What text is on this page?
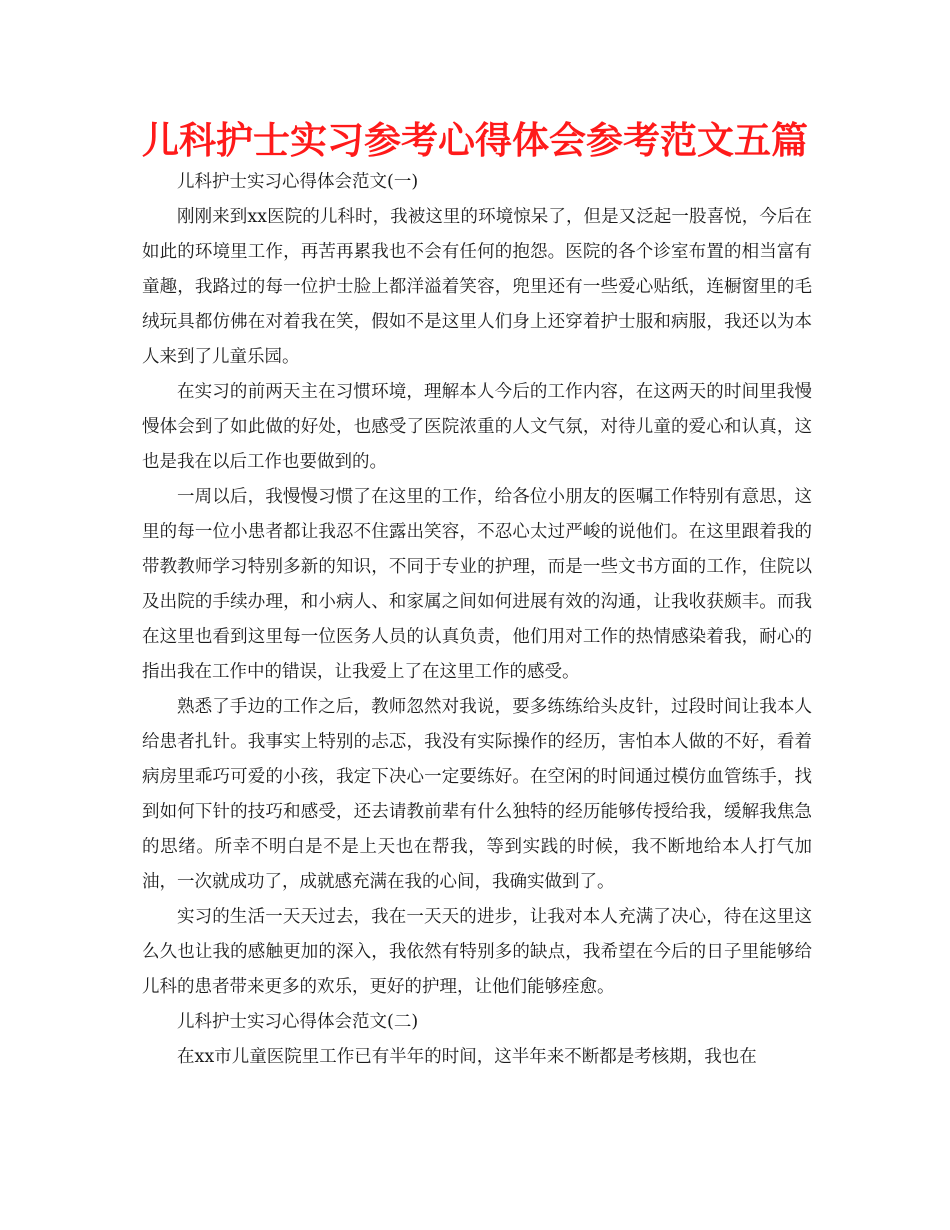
儿科护士实习参考心得体会参考范文五篇

儿科护士实习心得体会范文(一)

刚刚来到xx医院的儿科时，我被这里的环境惊呆了，但是又泛起一股喜悦，今后在如此的环境里工作，再苦再累我也不会有任何的抱怨。医院的各个诊室布置的相当富有童趣，我路过的每一位护士脸上都洋溢着笑容，兜里还有一些爱心贴纸，连橱窗里的毛绒玩具都仿佛在对着我在笑，假如不是这里人们身上还穿着护士服和病服，我还以为本人来到了儿童乐园。

在实习的前两天主在习惯环境，理解本人今后的工作内容，在这两天的时间里我慢慢体会到了如此做的好处，也感受了医院浓重的人文气氛，对待儿童的爱心和认真，这也是我在以后工作也要做到的。

一周以后，我慢慢习惯了在这里的工作，给各位小朋友的医嘱工作特别有意思，这里的每一位小患者都让我忍不住露出笑容，不忍心太过严峻的说他们。在这里跟着我的带教教师学习特别多新的知识，不同于专业的护理，而是一些文书方面的工作，住院以及出院的手续办理，和小病人、和家属之间如何进展有效的沟通，让我收获颇丰。而我在这里也看到这里每一位医务人员的认真负责，他们用对工作的热情感染着我，耐心的指出我在工作中的错误，让我爱上了在这里工作的感受。

熟悉了手边的工作之后，教师忽然对我说，要多练练给头皮针，过段时间让我本人给患者扎针。我事实上特别的忐忑，我没有实际操作的经历，害怕本人做的不好，看着病房里乖巧可爱的小孩，我定下决心一定要练好。在空闲的时间通过模仿血管练手，找到如何下针的技巧和感受，还去请教前辈有什么独特的经历能够传授给我，缓解我焦急的思绪。所幸不明白是不是上天也在帮我，等到实践的时候，我不断地给本人打气加油，一次就成功了，成就感充满在我的心间，我确实做到了。

实习的生活一天天过去，我在一天天的进步，让我对本人充满了决心，待在这里这么久也让我的感触更加的深入，我依然有特别多的缺点，我希望在今后的日子里能够给儿科的患者带来更多的欢乐，更好的护理，让他们能够痊愈。

儿科护士实习心得体会范文(二)

在xx市儿童医院里工作已有半年的时间，这半年来不断都是考核期，我也在
